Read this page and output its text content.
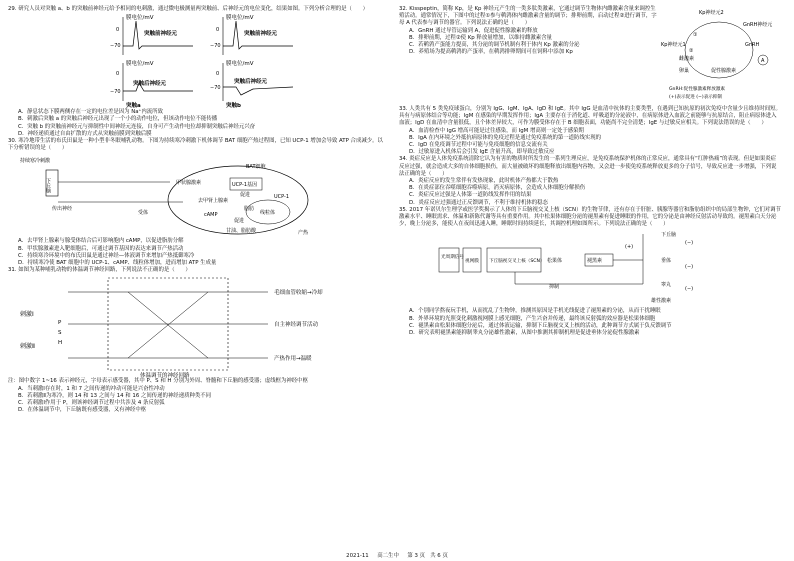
29. 研究人员对突触 a、b 的突触前神经元给予相同的电刺激，通过微电极测量两突触前、后神经元的电位变化，结果如图。下列分析合理的是（　　）

膜电位/mV
0
−70
突触前神经元
膜电位/mV
0
−70
突触后神经元
突触a
膜电位/mV
0
−70
突触前神经元
膜电位/mV
0
−70
突触后神经元
突触b

A．静息状态下膜两侧存在一定的电位差是因为 Na⁺内流所致

B．刺激后突触 a 的突触后神经元出现了一个小的动作电位，但该动作电位不能传播

C．突触 b 的突触前神经元与抑制性中间神经元连接，自身可产生动作电位却抑制突触后神经元兴奋

D．神经递质通过自由扩散的方式从突触前膜到突触后膜

30. 寒冷地带生活的布氏田鼠是一种小型非冬眠哺乳动物。下图为持续寒冷刺激下机体调节 BAT 细胞产热过程图，已知 UCP-1 增加会导致 ATP 合成减少。以下分析错误的是（　　）

持续寒冷刺激
下丘脑
传出神经
BAT细胞
甲状腺激素	UCP-1基因
UCP-1
线粒体
去甲肾上腺素
cAMP
促进
脂肪
甘油、脂肪酸	产热
受体
促进

A．去甲肾上腺素与腺受体结合后可影响胞内 cAMP，以促进脂肪分解

B．甲状腺激素进入靶细胞后，可通过调节基因的表达来调节产热活动

C．持续寒冷环境中的布氏田鼠是通过神经—体液调节来增加产热抵御寒冷

D．持续寒冷使 BAT 细胞中的 UCP-1、cAMP、线粒体增加，进而增加 ATP 生成量

31. 如图为某种哺乳动物的体温调节神经回路，下列说法不正确的是（　　）

刺激Ⅰ
刺激Ⅱ
P
S
H
毛细血管收缩→冷却
自主神经调节活动
产热作用→温暖
体温调节的神经回路

注：图中数字 1~16 表示神经元，字母表示感受器，其中 P、S 和 H 分别为外周、脊髓和下丘脑的感受器；虚线框为神经中枢

A．当刺激Ⅰ存在时，1 和 7 之间传递的冲动可能是兴奋性冲动

B．若刺激Ⅱ为寒冷，则 14 和 13 之间与 14 和 16 之间传递的神经递质种类不同

C．若刺激Ⅰ作用于 P，则该神经调节过程中共涉及 4 条反射弧

D．在体温调节中，下丘脑既有感受器，又有神经中枢

32. Kisspeptin，简称 Kp，是 Kp 神经元产生的一类多肽类激素，它通过调节生物体内雌激素含量来调控生殖活动。通常情况下，下图中的过程①参与鹌鹑体内雌激素含量的调节；排卵前期，启动过程②进行调节，字母 A 代表参与调节的器官。下列说法正确的是（　　）

A．GnRH 通过导管运输到 A，促进促性腺激素的释放

B．排卵前期，过程②使 Kp 释放量增加，以维持雌激素含量

C．若鹌鹑产蛋能力提高，其分泌的调节机制有利于体内 Kp 激素的分泌

D．养殖场为提高鹌鹑的产蛋率，在鹌鹑排卵期间可在饲料中添加 Kp

Kp神经元2
Kp神经元1
GnRH神经元
GnRH
A
促性腺激素
卵巢
雌激素
①
②
GnRH:促性腺激素释放激素
(+)表示促进 (−)表示抑制

33. 人类共有 5 类免疫球蛋白，分别为 IgG、IgM、IgA、IgD 和 IgE。其中 IgG 是血清中抗体的主要类型，在遇到已知抗原的初次免疫中含量少且维持时间短。具有与病原体结合等功能；IgM 在感染的早期发挥作用；IgA 主要存在于消化道、呼吸道的分泌液中，在病原体进入血液之前能够与抗原结合，阻止病原体进入血液；IgD 在血清中含量很低，且个体差异较大，可作为膜受体存在于 B 细胞表面，功能尚不完全清楚；IgE 与过敏反应相关。下列说法错误的是（　　）

A．血清检查中 IgG 增高可能是过往感染，而 IgM 增高则一定处于感染期

B．IgA 在内环境之外抵抗病原体的免疫过程是通过免疫系统的第一道防线实现的

C．IgD 在免疫调节过程中可能与免疫细胞的信息交流有关

D．过敏原进入机体后会引发 IgE 含量升高，即导致过敏反应

34. 炎症反应是人体免疫系统清除它认为有害的物质时所发生的一系列生理反应，是免疫系统保护机体的正常反应，通常具有“红肿热痛”的表现。但是如果炎症反应过强，就会造成大多的自体细胞损伤，而大量被破坏的细胞释放出细胞内容物，又会进一步使免疫系统释放更多的分子信号，导致反应进一步增强，下列说法正确的是（　　）

A．炎症反应的发生常伴有发热现象，此时机体产热都大于散热

B．在炎症部位吞噬细胞吞噬病原，消灭病原体，会造成人体细胞分解损伤

C．炎症反应过强是人体第一道防线发挥作用的结果

D．炎症反应过强通过正反馈调节，不利于维持机体的稳态

35. 2017 年诺贝尔生理学或医学奖揭示了人体的下丘脑视交叉上核（SCN）的生物节律，还有存在于肝脏、胰腺等器官和脂肪组织中的局部生物钟，它们对调节激素水平、睡眠需求、体温和新陈代谢等具有重要作用。其中松果体细胞分泌的褪黑素有促进睡眠的作用，它的分泌是由神经反射活动导致的。褪黑素白天分泌少，晚上分泌多，能使人在夜间迅速入睡，睡眠时间持续延长，其调控机理如图所示。下列说法正确的是（　　）

光周期信号
视网膜 下丘脑视交叉上核（SCN） 松果体	褪黑素
下丘脑
垂体
睾丸
雄性激素
抑制
(+)
(−)
(−)
(−)

A．个别同学熬夜玩手机，从而扰乱了生物钟，推测其原因是手机光线促进了褪黑素的分泌，从而干扰睡眠

B．外界环境的光照变化刺激视网膜上感光细胞，产生兴奋并传递，最终该反射弧的效应器是松果体细胞

C．褪黑素由松果体细胞分泌后，通过体液运输，抑制下丘脑视交叉上核的活动，此种调节方式属于负反馈调节

D．研究表明褪黑素能抑制睾丸分泌雄性激素，从图中推测其抑制机理是促进垂体分泌促性腺激素

2021-11 高二生中 第 3 页 共 6 页
